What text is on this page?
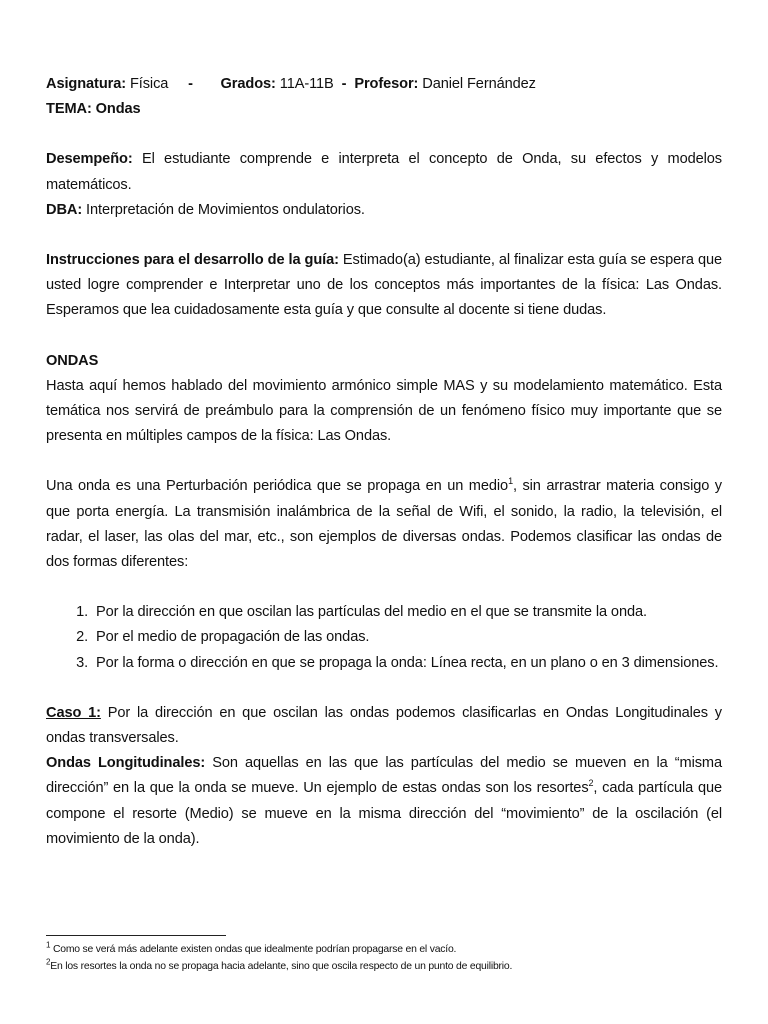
Asignatura: Física - Grados: 11A-11B - Profesor: Daniel Fernández

TEMA: Ondas

Desempeño: El estudiante comprende e interpreta el concepto de Onda, su efectos y modelos matemáticos.

DBA: Interpretación de Movimientos ondulatorios.

Instrucciones para el desarrollo de la guía: Estimado(a) estudiante, al finalizar esta guía se espera que usted logre comprender e Interpretar uno de los conceptos más importantes de la física: Las Ondas. Esperamos que lea cuidadosamente esta guía y que consulte al docente si tiene dudas.

ONDAS

Hasta aquí hemos hablado del movimiento armónico simple MAS y su modelamiento matemático. Esta temática nos servirá de preámbulo para la comprensión de un fenómeno físico muy importante que se presenta en múltiples campos de la física: Las Ondas.

Una onda es una Perturbación periódica que se propaga en un medio$^1$, sin arrastrar materia consigo y que porta energía. La transmisión inalámbrica de la señal de Wifi, el sonido, la radio, la televisión, el radar, el laser, las olas del mar, etc., son ejemplos de diversas ondas. Podemos clasificar las ondas de dos formas diferentes:

1. Por la dirección en que oscilan las partículas del medio en el que se transmite la onda.
2. Por el medio de propagación de las ondas.
3. Por la forma o dirección en que se propaga la onda: Línea recta, en un plano o en 3 dimensiones.

Caso 1: Por la dirección en que oscilan las ondas podemos clasificarlas en Ondas Longitudinales y ondas transversales.

Ondas Longitudinales: Son aquellas en las que las partículas del medio se mueven en la “misma dirección” en la que la onda se mueve. Un ejemplo de estas ondas son los resortes$^2$, cada partícula que compone el resorte (Medio) se mueve en la misma dirección del “movimiento” de la oscilación (el movimiento de la onda).

$^1$ Como se verá más adelante existen ondas que idealmente podrían propagarse en el vacío.

$^2$En los resortes la onda no se propaga hacia adelante, sino que oscila respecto de un punto de equilibrio.
